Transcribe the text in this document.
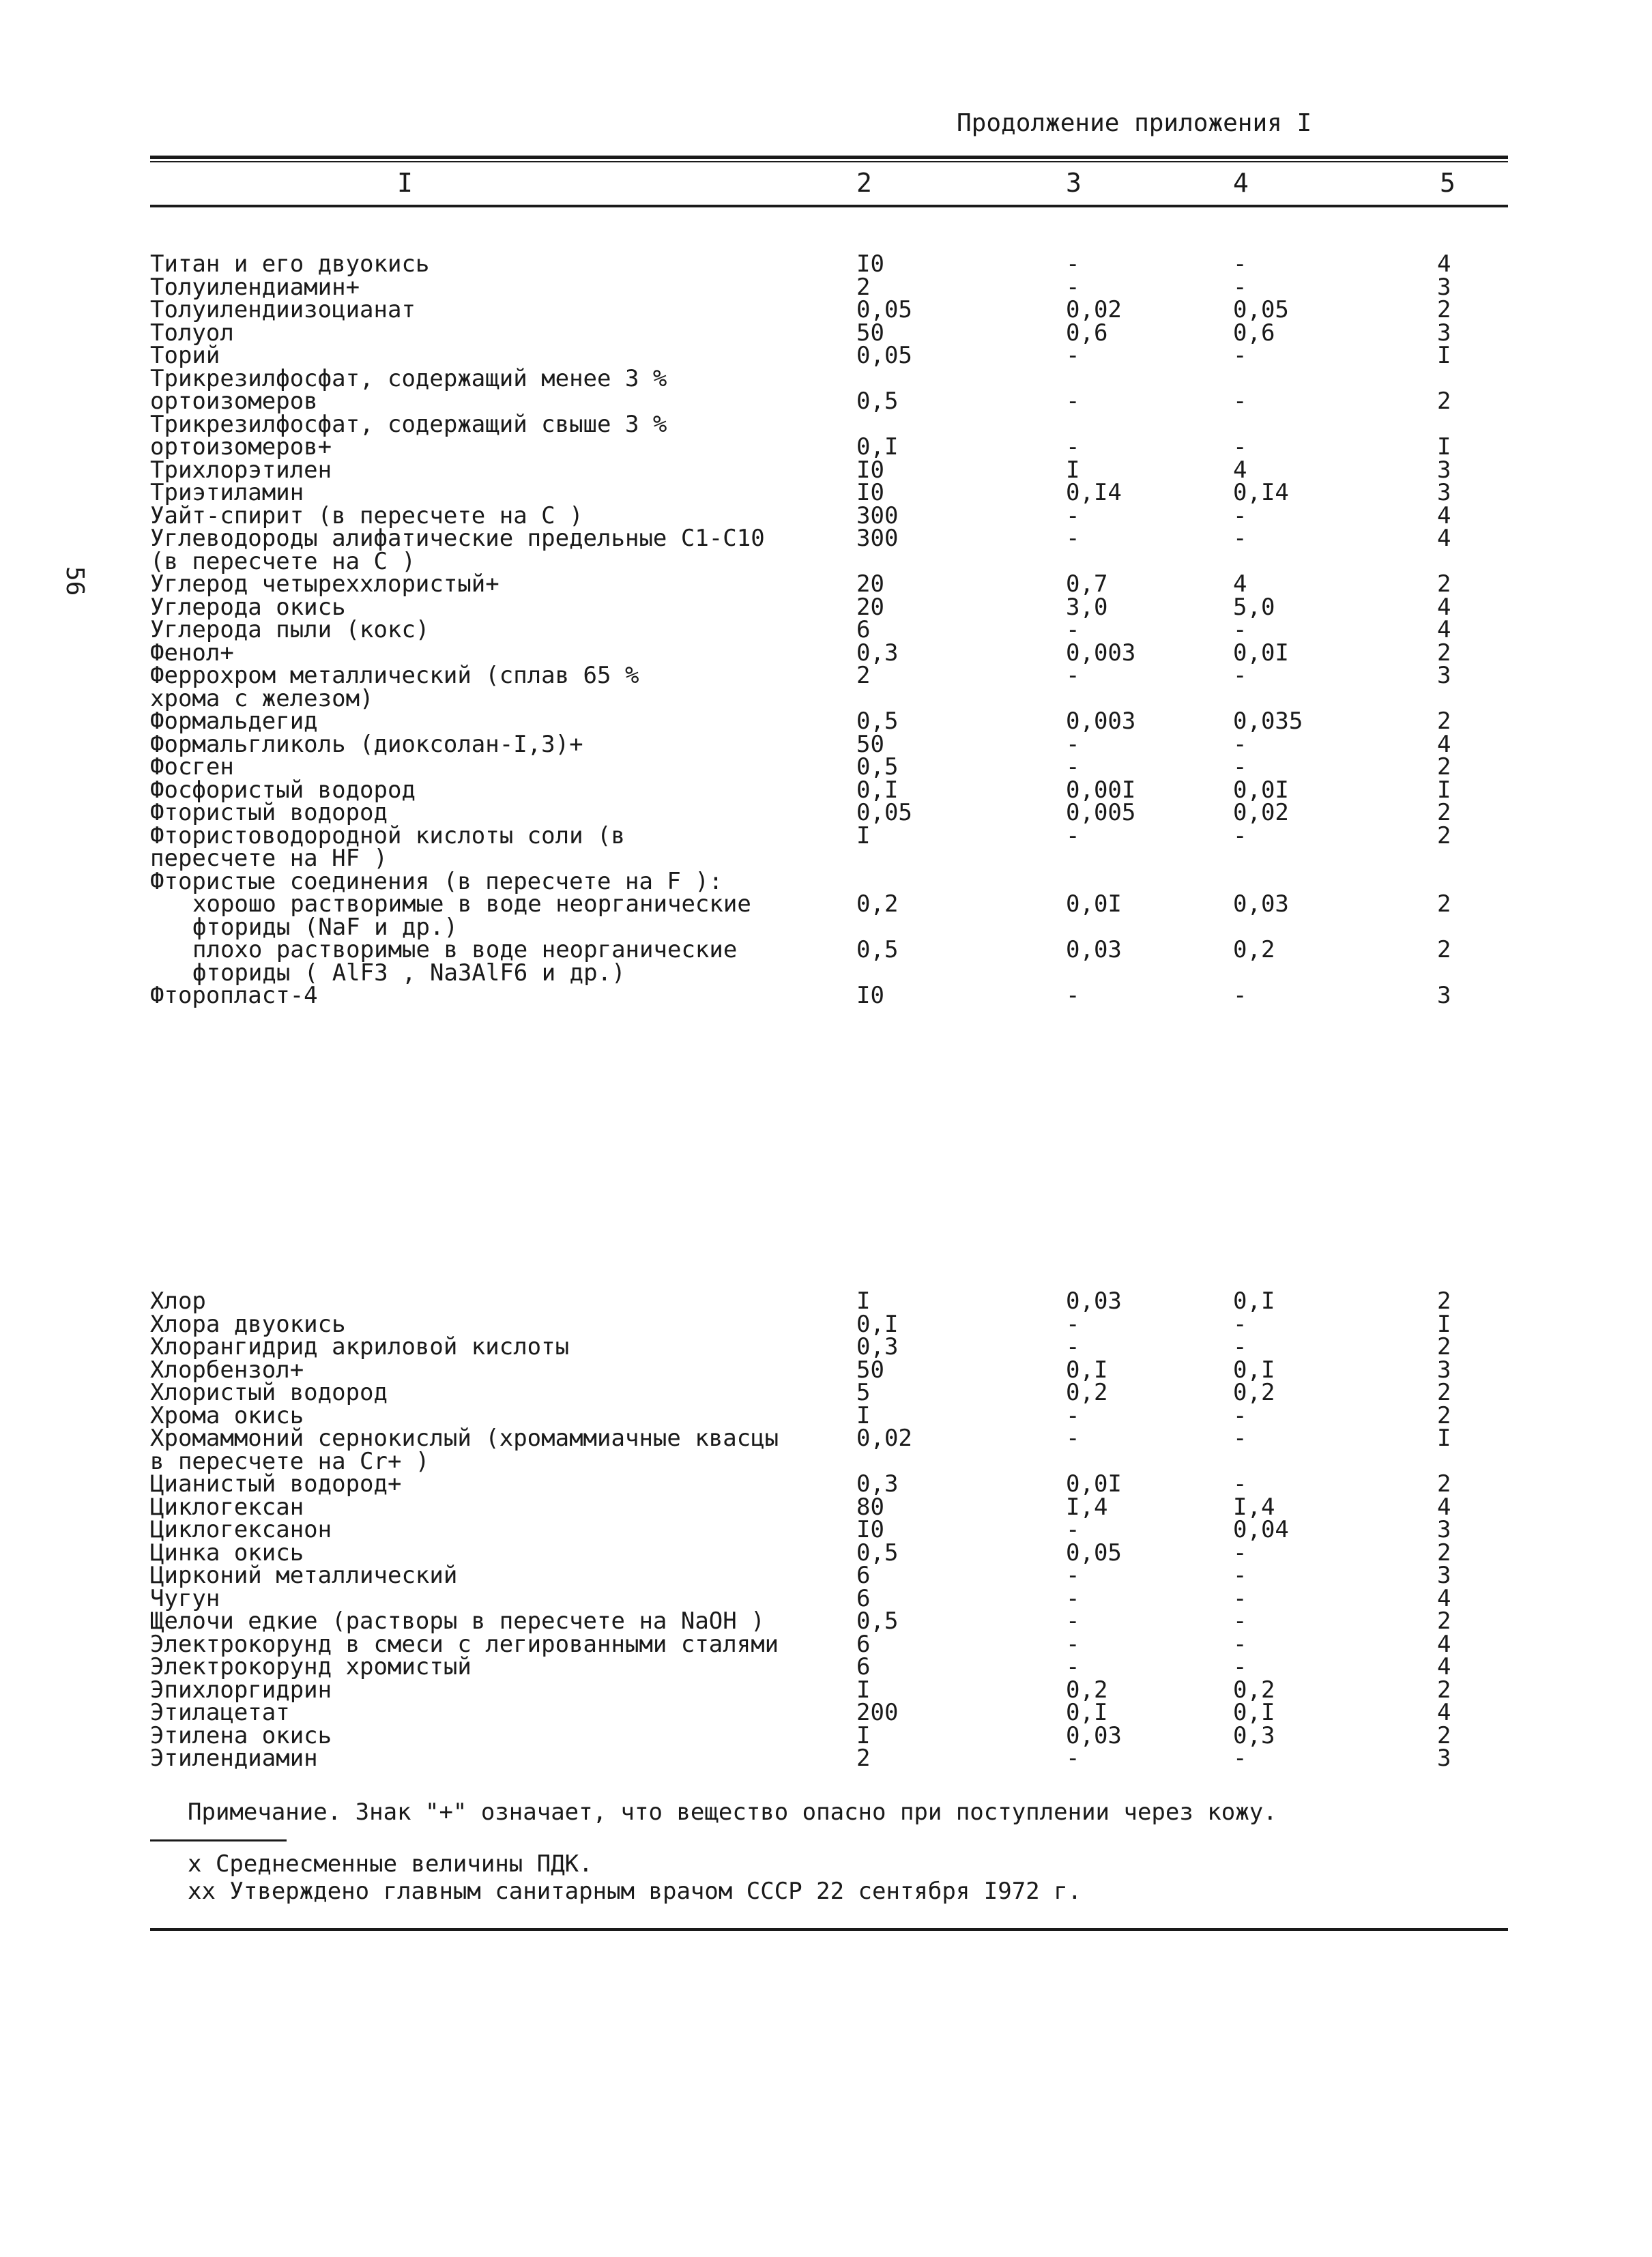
Продолжение приложения I
56
I	2	3	4	5
Титан и его двуокись	I0	-	-	4
Толуилендиамин+	2	-	-	3
Толуилендиизоцианат	0,05	0,02	0,05	2
Толуол	50	0,6	0,6	3
Торий	0,05	-	-	I
Трикрезилфосфат, содержащий менее 3 %
ортоизомеров	0,5	-	-	2
Трикрезилфосфат, содержащий свыше 3 %
ортоизомеров+	0,I	-	-	I
Трихлорэтилен	I0	I	4	3
Триэтиламин	I0	0,I4	0,I4	3
Уайт-спирит (в пересчете на C )	300	-	-	4
Углеводороды алифатические предельные C1-C10	300	-	-	4
(в пересчете на C )
Углерод четыреххлористый+	20	0,7	4	2
Углерода окись	20	3,0	5,0	4
Углерода пыли (кокс)	6	-	-	4
Фенол+	0,3	0,003	0,0I	2
Феррохром металлический (сплав 65 %	2	-	-	3
хрома с железом)
Формальдегид	0,5	0,003	0,035	2
Формальгликоль (диоксолан-I,3)+	50	-	-	4
Фосген	0,5	-	-	2
Фосфористый водород	0,I	0,00I	0,0I	I
Фтористый водород	0,05	0,005	0,02	2
Фтористоводородной кислоты соли (в	I	-	-	2
пересчете на HF )
Фтористые соединения (в пересчете на F ):
хорошо растворимые в воде неорганические	0,2	0,0I	0,03	2
фториды (NaF и др.)
плохо растворимые в воде неорганические	0,5	0,03	0,2	2
фториды ( AlF3 , Na3AlF6 и др.)
Фторопласт-4	I0	-	-	3
Хлор	I	0,03	0,I	2
Хлора двуокись	0,I	-	-	I
Хлорангидрид акриловой кислоты	0,3	-	-	2
Хлорбензол+	50	0,I	0,I	3
Хлористый водород	5	0,2	0,2	2
Хрома окись	I	-	-	2
Хромаммоний сернокислый (хромаммиачные квасцы	0,02	-	-	I
в пересчете на Cr+ )
Цианистый водород+	0,3	0,0I	-	2
Циклогексан	80	I,4	I,4	4
Циклогексанон	I0	-	0,04	3
Цинка окись	0,5	0,05	-	2
Цирконий металлический	6	-	-	3
Чугун	6	-	-	4
Щелочи едкие (растворы в пересчете на NaOH )	0,5	-	-	2
Электрокорунд в смеси с легированными сталями	6	-	-	4
Электрокорунд хромистый	6	-	-	4
Эпихлоргидрин	I	0,2	0,2	2
Этилацетат	200	0,I	0,I	4
Этилена окись	I	0,03	0,3	2
Этилендиамин	2	-	-	3
Примечание. Знак "+" означает, что вещество опасно при поступлении через кожу.
x Среднесменные величины ПДК.
xx Утверждено главным санитарным врачом СССР 22 сентября I972 г.
